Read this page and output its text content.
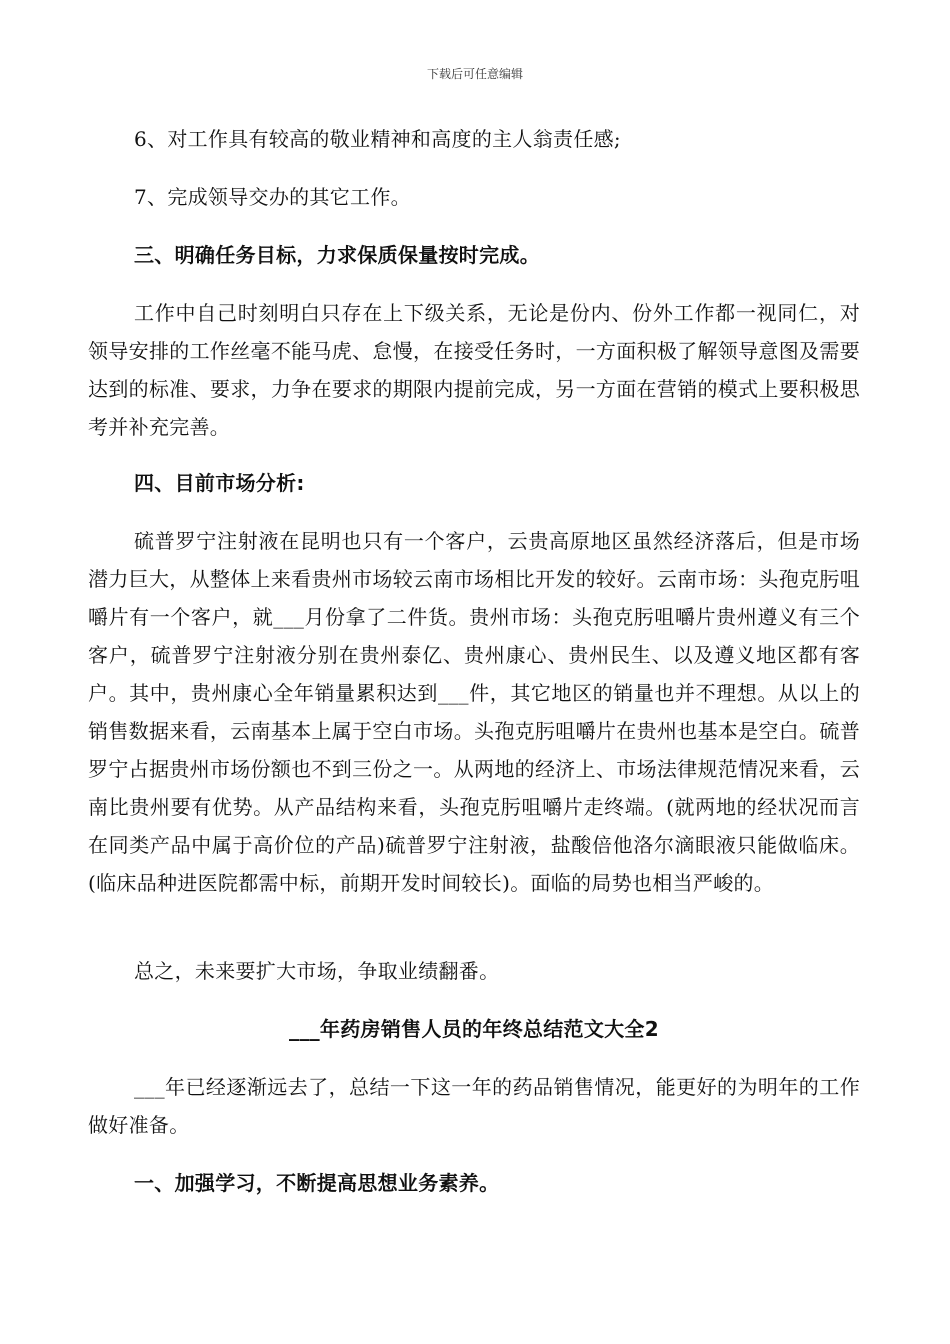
下载后可任意编辑

6、对工作具有较高的敬业精神和高度的主人翁责任感;

7、完成领导交办的其它工作。

三、明确任务目标，力求保质保量按时完成。

工作中自己时刻明白只存在上下级关系，无论是份内、份外工作都一视同仁，对领导安排的工作丝毫不能马虎、怠慢，在接受任务时，一方面积极了解领导意图及需要达到的标准、要求，力争在要求的期限内提前完成，另一方面在营销的模式上要积极思考并补充完善。

四、目前市场分析:

硫普罗宁注射液在昆明也只有一个客户，云贵高原地区虽然经济落后，但是市场潜力巨大，从整体上来看贵州市场较云南市场相比开发的较好。云南市场：头孢克肟咀嚼片有一个客户，就___月份拿了二件货。贵州市场：头孢克肟咀嚼片贵州遵义有三个客户，硫普罗宁注射液分别在贵州泰亿、贵州康心、贵州民生、以及遵义地区都有客户。其中，贵州康心全年销量累积达到___件，其它地区的销量也并不理想。从以上的销售数据来看，云南基本上属于空白市场。头孢克肟咀嚼片在贵州也基本是空白。硫普罗宁占据贵州市场份额也不到三份之一。从两地的经济上、市场法律规范情况来看，云南比贵州要有优势。从产品结构来看，头孢克肟咀嚼片走终端。(就两地的经状况而言在同类产品中属于高价位的产品)硫普罗宁注射液，盐酸倍他洛尔滴眼液只能做临床。(临床品种进医院都需中标，前期开发时间较长)。面临的局势也相当严峻的。

总之，未来要扩大市场，争取业绩翻番。

___年药房销售人员的年终总结范文大全2

___年已经逐渐远去了，总结一下这一年的药品销售情况，能更好的为明年的工作做好准备。

一、加强学习，不断提高思想业务素养。
